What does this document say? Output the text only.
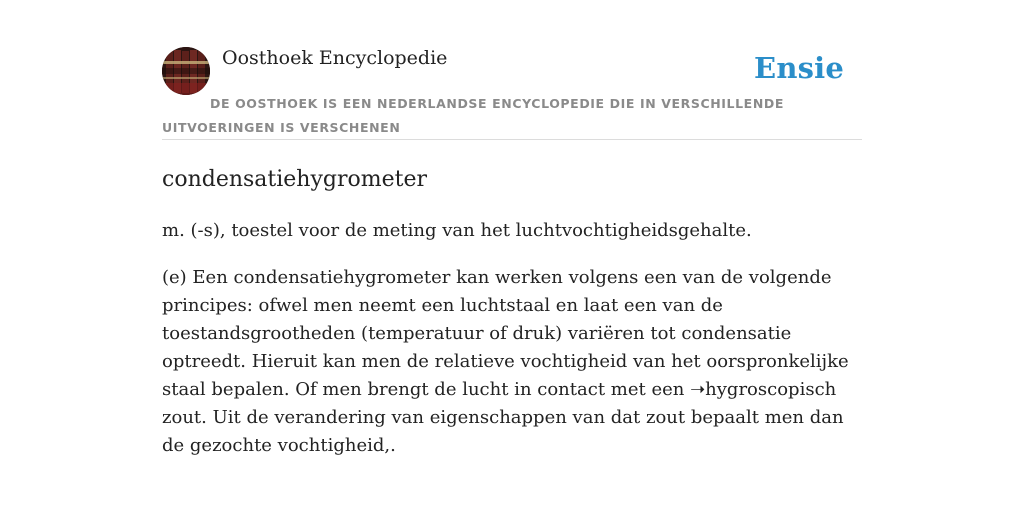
Oosthoek Encyclopedie	Ensie
DE OOSTHOEK IS EEN NEDERLANDSE ENCYCLOPEDIE DIE IN VERSCHILLENDE UITVOERINGEN IS VERSCHENEN
condensatiehygrometer

m. (-s), toestel voor de meting van het luchtvochtigheidsgehalte.

(e) Een condensatiehygrometer kan werken volgens een van de volgende principes: ofwel men neemt een luchtstaal en laat een van de toestandsgrootheden (temperatuur of druk) variëren tot condensatie optreedt. Hieruit kan men de relatieve vochtigheid van het oorspronkelijke staal bepalen. Of men brengt de lucht in contact met een ➝hygroscopisch zout. Uit de verandering van eigenschappen van dat zout bepaalt men dan de gezochte vochtigheid,.
